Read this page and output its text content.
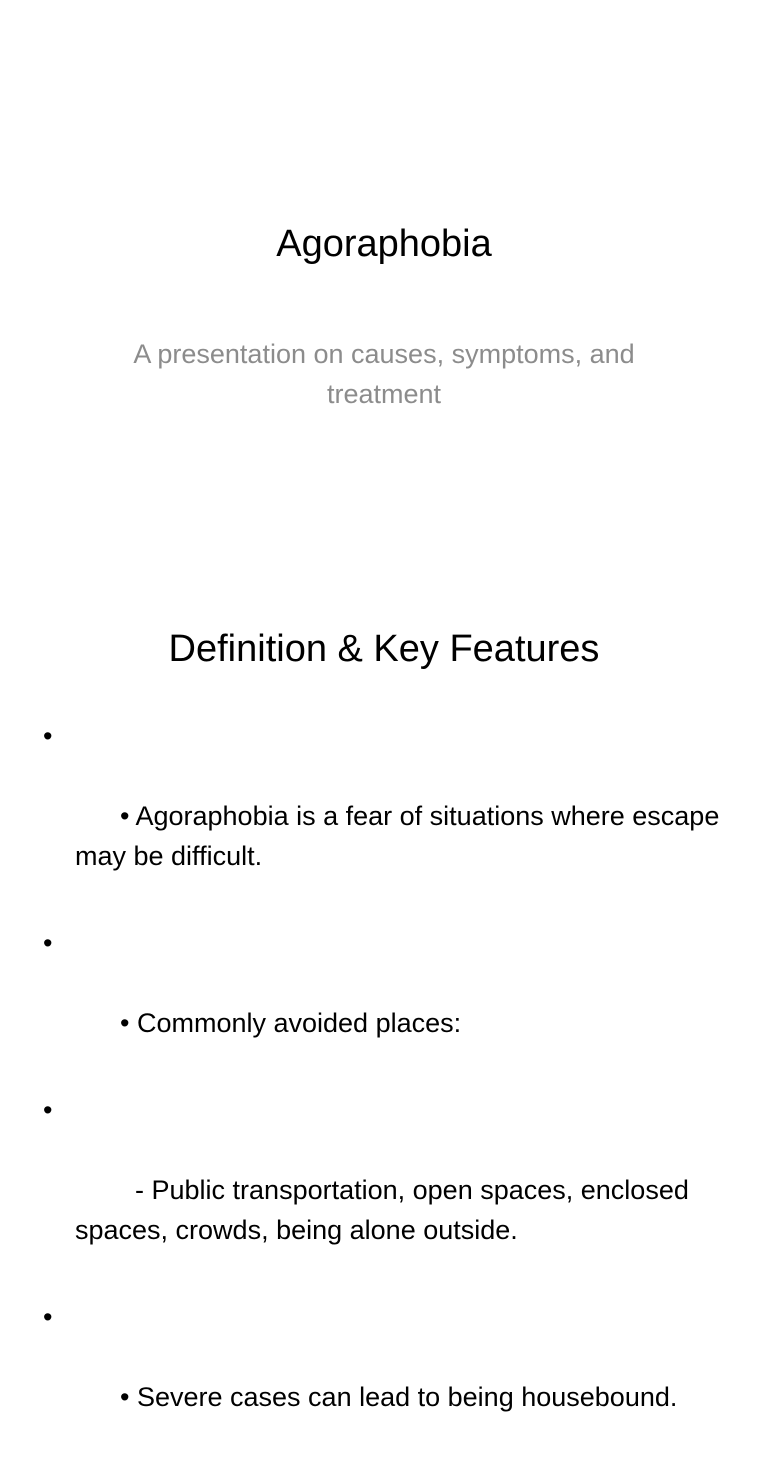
Agoraphobia
A presentation on causes, symptoms, and treatment
Definition & Key Features

•

• Agoraphobia is a fear of situations where escape may be difficult.

•

• Commonly avoided places:

•

- Public transportation, open spaces, enclosed spaces, crowds, being alone outside.

•

• Severe cases can lead to being housebound.
